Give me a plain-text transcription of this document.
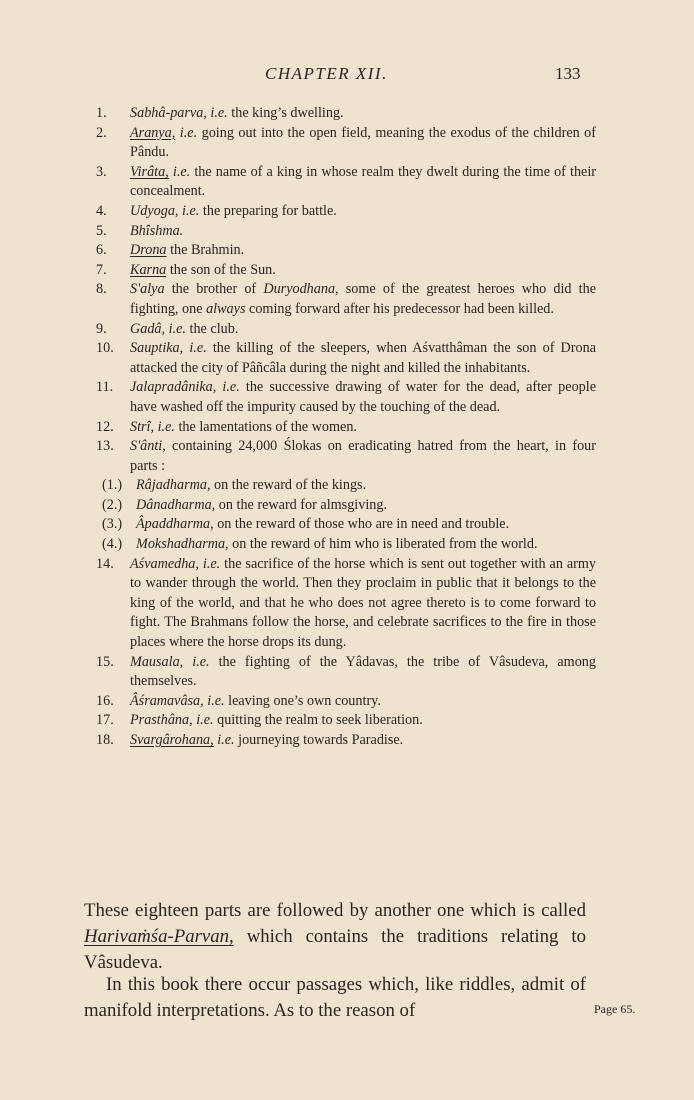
CHAPTER XII.	133
1.	Sabhâ-parva, i.e. the king’s dwelling.
2.	Aranya, i.e. going out into the open field, meaning the exodus of the children of Pându.
3.	Virâta, i.e. the name of a king in whose realm they dwelt during the time of their concealment.
4.	Udyoga, i.e. the preparing for battle.
5.	Bhîshma.
6.	Drona the Brahmin.
7.	Karna the son of the Sun.
8.	S'alya the brother of Duryodhana, some of the greatest heroes who did the fighting, one always coming forward after his predecessor had been killed.
9.	Gadâ, i.e. the club.
10.	Sauptika, i.e. the killing of the sleepers, when Aśvatthâman the son of Drona attacked the city of Pâñcâla during the night and killed the inhabitants.
11.	Jalapradânika, i.e. the successive drawing of water for the dead, after people have washed off the impurity caused by the touching of the dead.
12.	Strî, i.e. the lamentations of the women.
13.	S'ânti, containing 24,000 Ślokas on eradicating hatred from the heart, in four parts :
(1.) Râjadharma, on the reward of the kings.
(2.) Dânadharma, on the reward for almsgiving.
(3.) Âpaddharma, on the reward of those who are in need and trouble.
(4.) Mokshadharma, on the reward of him who is liberated from the world.
14.	Aśvamedha, i.e. the sacrifice of the horse which is sent out together with an army to wander through the world. Then they proclaim in public that it belongs to the king of the world, and that he who does not agree thereto is to come forward to fight. The Brahmans follow the horse, and celebrate sacrifices to the fire in those places where the horse drops its dung.
15.	Mausala, i.e. the fighting of the Yâdavas, the tribe of Vâsudeva, among themselves.
16.	Âśramavâsa, i.e. leaving one’s own country.
17.	Prasthâna, i.e. quitting the realm to seek liberation.
18.	Svargârohana, i.e. journeying towards Paradise.
These eighteen parts are followed by another one which is called Harivaṁśa-Parvan, which contains the traditions relating to Vâsudeva.
In this book there occur passages which, like riddles, admit of manifold interpretations. As to the reason of	Page 65.
